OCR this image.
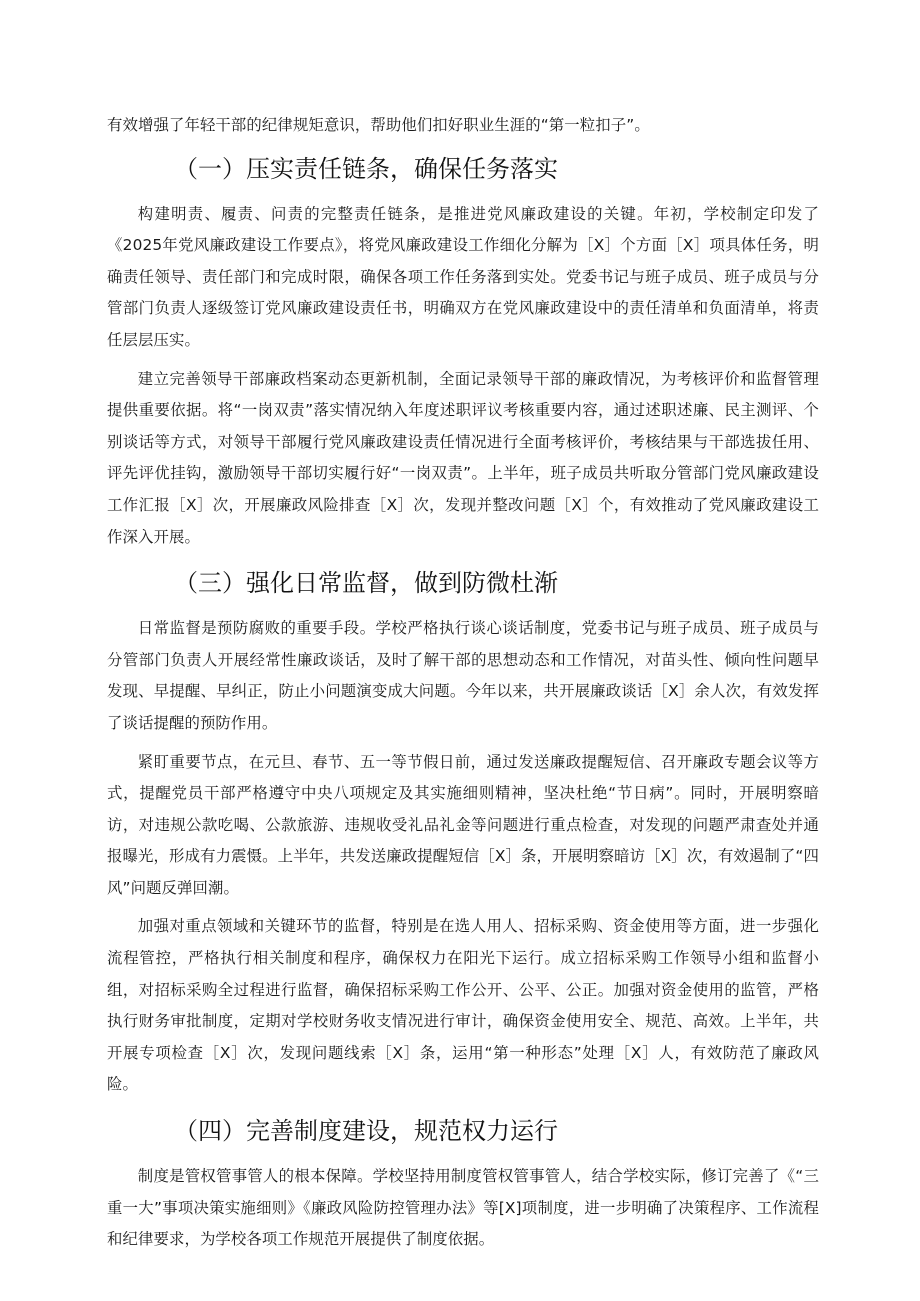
有效增强了年轻干部的纪律规矩意识，帮助他们扣好职业生涯的“第一粒扣子”。

（一）压实责任链条，确保任务落实

构建明责、履责、问责的完整责任链条，是推进党风廉政建设的关键。年初，学校制定印发了《2025年党风廉政建设工作要点》，将党风廉政建设工作细化分解为［X］个方面［X］项具体任务，明确责任领导、责任部门和完成时限，确保各项工作任务落到实处。党委书记与班子成员、班子成员与分管部门负责人逐级签订党风廉政建设责任书，明确双方在党风廉政建设中的责任清单和负面清单，将责任层层压实。

建立完善领导干部廉政档案动态更新机制，全面记录领导干部的廉政情况，为考核评价和监督管理提供重要依据。将“一岗双责”落实情况纳入年度述职评议考核重要内容，通过述职述廉、民主测评、个别谈话等方式，对领导干部履行党风廉政建设责任情况进行全面考核评价，考核结果与干部选拔任用、评先评优挂钩，激励领导干部切实履行好“一岗双责”。上半年，班子成员共听取分管部门党风廉政建设工作汇报［X］次，开展廉政风险排查［X］次，发现并整改问题［X］个，有效推动了党风廉政建设工作深入开展。

（三）强化日常监督，做到防微杜渐

日常监督是预防腐败的重要手段。学校严格执行谈心谈话制度，党委书记与班子成员、班子成员与分管部门负责人开展经常性廉政谈话，及时了解干部的思想动态和工作情况，对苗头性、倾向性问题早发现、早提醒、早纠正，防止小问题演变成大问题。今年以来，共开展廉政谈话［X］余人次，有效发挥了谈话提醒的预防作用。

紧盯重要节点，在元旦、春节、五一等节假日前，通过发送廉政提醒短信、召开廉政专题会议等方式，提醒党员干部严格遵守中央八项规定及其实施细则精神，坚决杜绝“节日病”。同时，开展明察暗访，对违规公款吃喝、公款旅游、违规收受礼品礼金等问题进行重点检查，对发现的问题严肃查处并通报曝光，形成有力震慑。上半年，共发送廉政提醒短信［X］条，开展明察暗访［X］次，有效遏制了“四风”问题反弹回潮。

加强对重点领域和关键环节的监督，特别是在选人用人、招标采购、资金使用等方面，进一步强化流程管控，严格执行相关制度和程序，确保权力在阳光下运行。成立招标采购工作领导小组和监督小组，对招标采购全过程进行监督，确保招标采购工作公开、公平、公正。加强对资金使用的监管，严格执行财务审批制度，定期对学校财务收支情况进行审计，确保资金使用安全、规范、高效。上半年，共开展专项检查［X］次，发现问题线索［X］条，运用“第一种形态”处理［X］人，有效防范了廉政风险。

（四）完善制度建设，规范权力运行

制度是管权管事管人的根本保障。学校坚持用制度管权管事管人，结合学校实际，修订完善了《“三重一大”事项决策实施细则》《廉政风险防控管理办法》等[X]项制度，进一步明确了决策程序、工作流程和纪律要求，为学校各项工作规范开展提供了制度依据。
